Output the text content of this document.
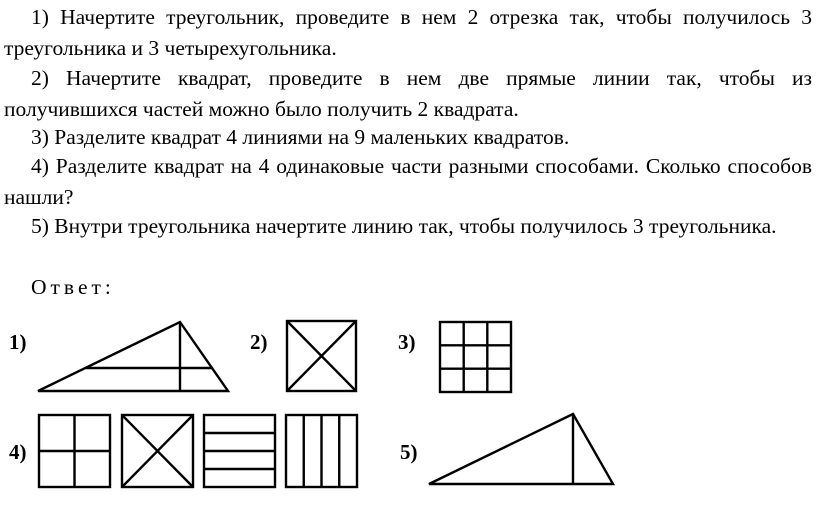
1) Начертите треугольник, проведите в нем 2 отрезка так, чтобы получилось 3 треугольника и 3 четырехугольника.

2) Начертите квадрат, проведите в нем две прямые линии так, чтобы из получившихся частей можно было получить 2 квадрата.

3) Разделите квадрат 4 линиями на 9 маленьких квадратов.

4) Разделите квадрат на 4 одинаковые части разными способами. Сколько способов нашли?

5) Внутри треугольника начертите линию так, чтобы получилось 3 треугольника.

Ответ:

1)	2)	3)
4)	5)
